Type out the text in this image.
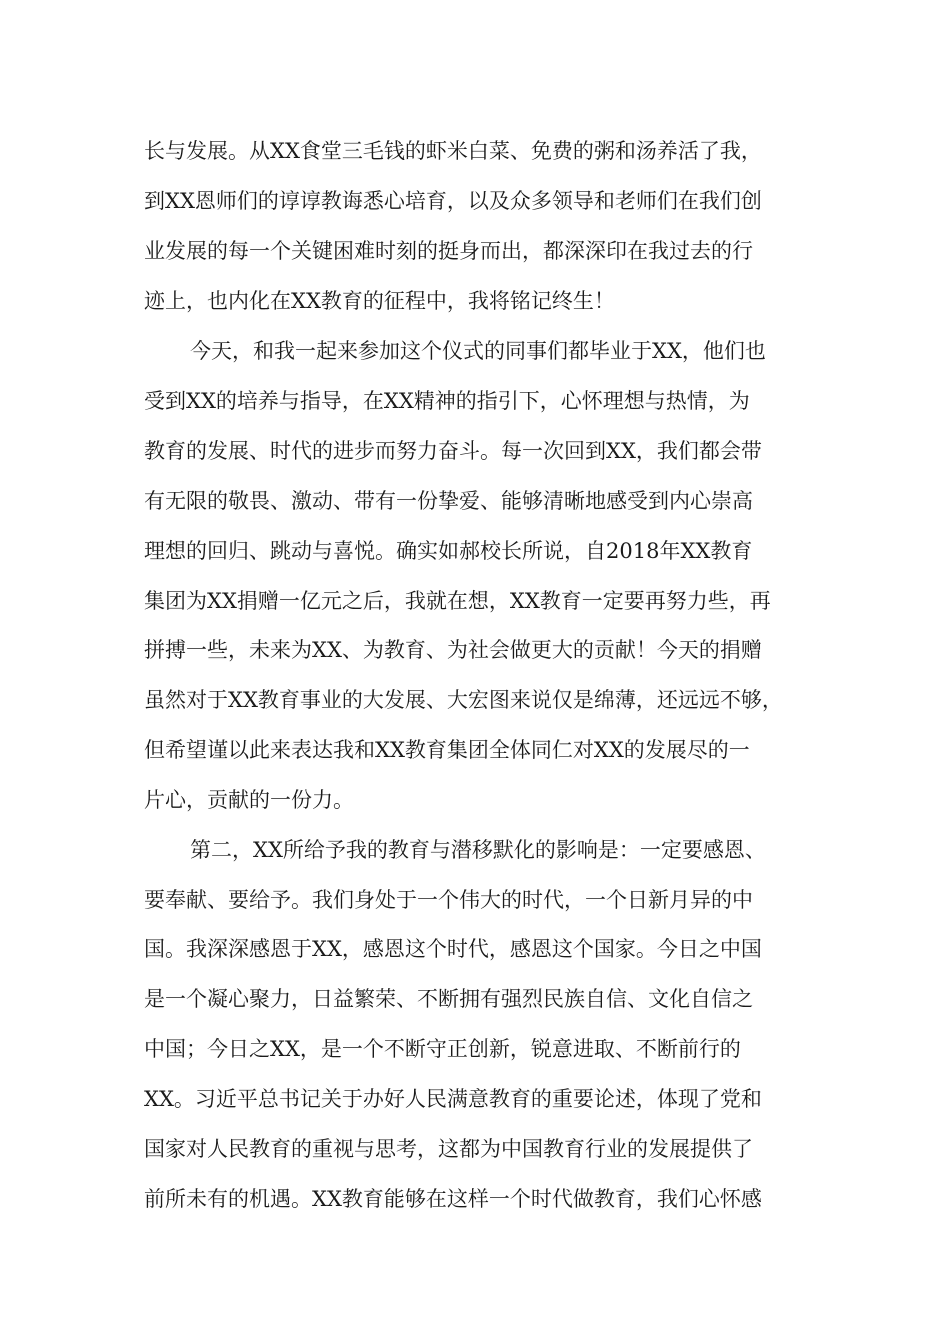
长与发展。从XX食堂三毛钱的虾米白菜、免费的粥和汤养活了我，
到XX恩师们的谆谆教诲悉心培育，以及众多领导和老师们在我们创
业发展的每一个关键困难时刻的挺身而出，都深深印在我过去的行
迹上，也内化在XX教育的征程中，我将铭记终生！
今天，和我一起来参加这个仪式的同事们都毕业于XX，他们也
受到XX的培养与指导，在XX精神的指引下，心怀理想与热情，为
教育的发展、时代的进步而努力奋斗。每一次回到XX，我们都会带
有无限的敬畏、激动、带有一份挚爱、能够清晰地感受到内心崇高
理想的回归、跳动与喜悦。确实如郝校长所说，自2018年XX教育
集团为XX捐赠一亿元之后，我就在想，XX教育一定要再努力些，再
拼搏一些，未来为XX、为教育、为社会做更大的贡献！今天的捐赠
虽然对于XX教育事业的大发展、大宏图来说仅是绵薄，还远远不够，
但希望谨以此来表达我和XX教育集团全体同仁对XX的发展尽的一
片心，贡献的一份力。
第二，XX所给予我的教育与潜移默化的影响是：一定要感恩、
要奉献、要给予。我们身处于一个伟大的时代，一个日新月异的中
国。我深深感恩于XX，感恩这个时代，感恩这个国家。今日之中国
是一个凝心聚力，日益繁荣、不断拥有强烈民族自信、文化自信之
中国；今日之XX，是一个不断守正创新，锐意进取、不断前行的
XX。习近平总书记关于办好人民满意教育的重要论述，体现了党和
国家对人民教育的重视与思考，这都为中国教育行业的发展提供了
前所未有的机遇。XX教育能够在这样一个时代做教育，我们心怀感
